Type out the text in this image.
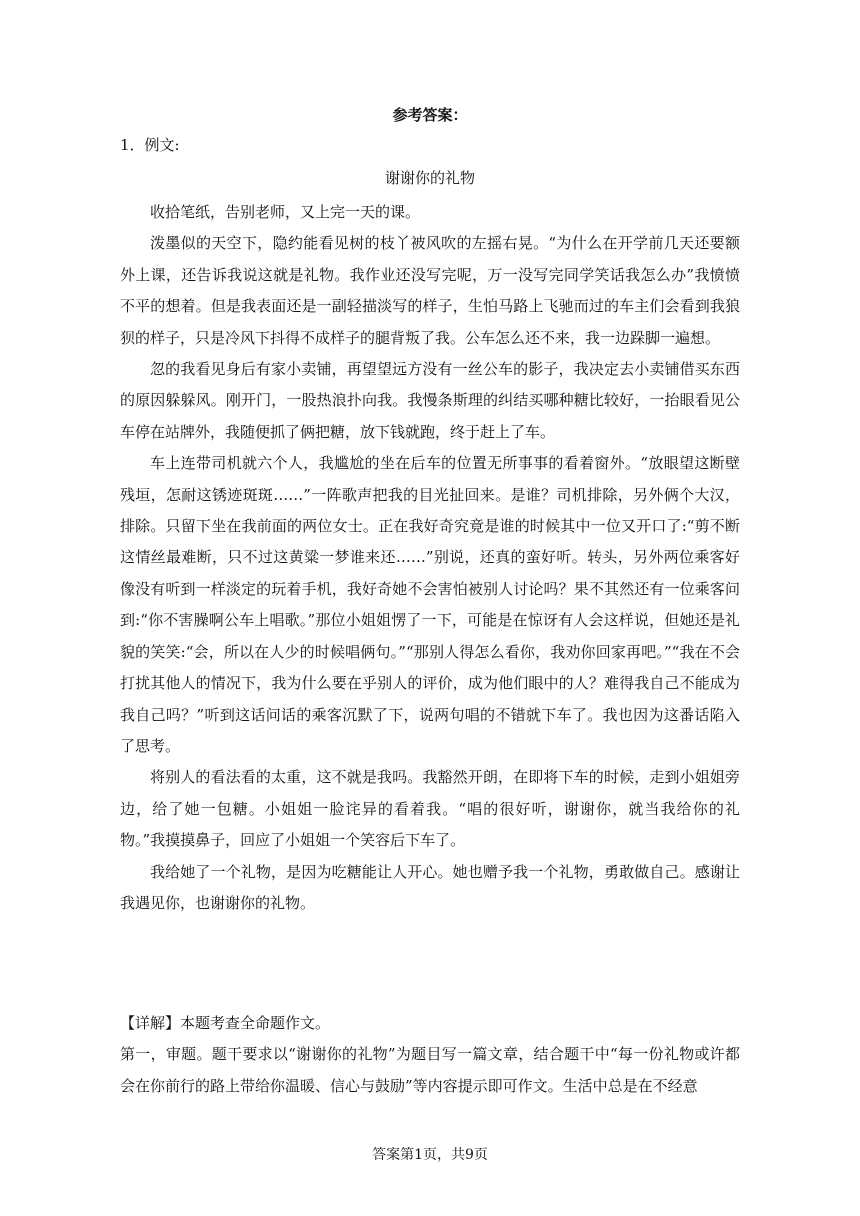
参考答案：
1．例文:
谢谢你的礼物

收拾笔纸，告别老师，又上完一天的课。

泼墨似的天空下，隐约能看见树的枝丫被风吹的左摇右晃。“为什么在开学前几天还要额外上课，还告诉我说这就是礼物。我作业还没写完呢，万一没写完同学笑话我怎么办”我愤愤不平的想着。但是我表面还是一副轻描淡写的样子，生怕马路上飞驰而过的车主们会看到我狼狈的样子，只是冷风下抖得不成样子的腿背叛了我。公车怎么还不来，我一边跺脚一遍想。

忽的我看见身后有家小卖铺，再望望远方没有一丝公车的影子，我决定去小卖铺借买东西的原因躲躲风。刚开门，一股热浪扑向我。我慢条斯理的纠结买哪种糖比较好，一抬眼看见公车停在站牌外，我随便抓了俩把糖，放下钱就跑，终于赶上了车。

车上连带司机就六个人，我尴尬的坐在后车的位置无所事事的看着窗外。“放眼望这断壁残垣，怎耐这锈迹斑斑……”一阵歌声把我的目光扯回来。是谁？司机排除，另外俩个大汉，排除。只留下坐在我前面的两位女士。正在我好奇究竟是谁的时候其中一位又开口了:“剪不断这情丝最难断，只不过这黄粱一梦谁来还……”别说，还真的蛮好听。转头，另外两位乘客好像没有听到一样淡定的玩着手机，我好奇她不会害怕被别人讨论吗？果不其然还有一位乘客问到:“你不害臊啊公车上唱歌。”那位小姐姐愣了一下，可能是在惊讶有人会这样说，但她还是礼貌的笑笑:“会，所以在人少的时候唱俩句。”“那别人得怎么看你，我劝你回家再吧。”“我在不会打扰其他人的情况下，我为什么要在乎别人的评价，成为他们眼中的人？难得我自己不能成为我自己吗？”听到这话问话的乘客沉默了下，说两句唱的不错就下车了。我也因为这番话陷入了思考。

将别人的看法看的太重，这不就是我吗。我豁然开朗，在即将下车的时候，走到小姐姐旁边，给了她一包糖。小姐姐一脸诧异的看着我。“唱的很好听，谢谢你，就当我给你的礼物。”我摸摸鼻子，回应了小姐姐一个笑容后下车了。

我给她了一个礼物，是因为吃糖能让人开心。她也赠予我一个礼物，勇敢做自己。感谢让我遇见你，也谢谢你的礼物。

【详解】本题考查全命题作文。

第一，审题。题干要求以“谢谢你的礼物”为题目写一篇文章，结合题干中“每一份礼物或许都会在你前行的路上带给你温暖、信心与鼓励”等内容提示即可作文。生活中总是在不经意

答案第1页，共9页
